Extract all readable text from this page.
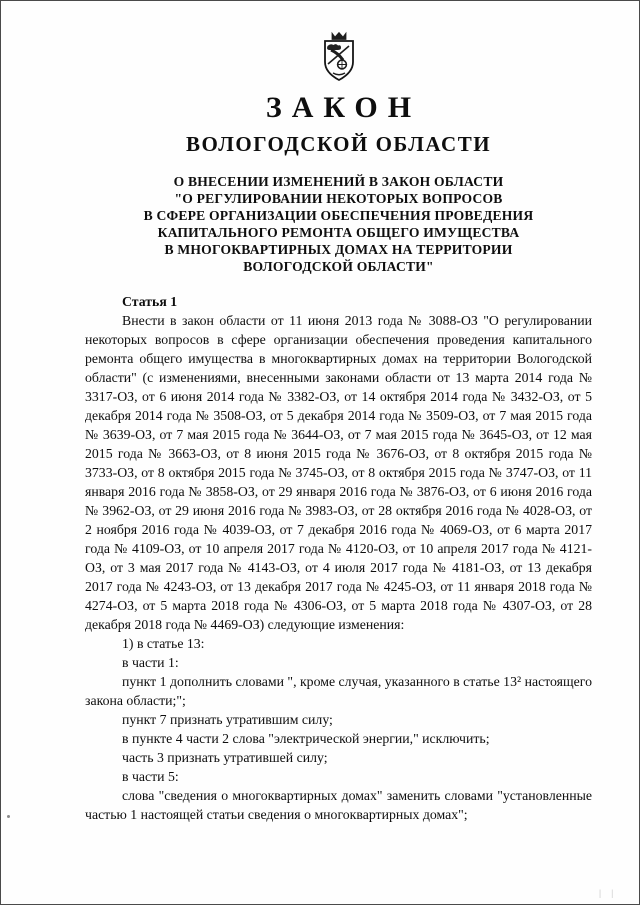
ЗАКОН
ВОЛОГОДСКОЙ ОБЛАСТИ
О ВНЕСЕНИИ ИЗМЕНЕНИЙ В ЗАКОН ОБЛАСТИ
"О РЕГУЛИРОВАНИИ НЕКОТОРЫХ ВОПРОСОВ
В СФЕРЕ ОРГАНИЗАЦИИ ОБЕСПЕЧЕНИЯ ПРОВЕДЕНИЯ
КАПИТАЛЬНОГО РЕМОНТА ОБЩЕГО ИМУЩЕСТВА
В МНОГОКВАРТИРНЫХ ДОМАХ НА ТЕРРИТОРИИ
ВОЛОГОДСКОЙ ОБЛАСТИ"

Статья 1

Внести в закон области от 11 июня 2013 года № 3088-ОЗ "О регулировании некоторых вопросов в сфере организации обеспечения проведения капитального ремонта общего имущества в многоквартирных домах на территории Вологодской области" (с изменениями, внесенными законами области от 13 марта 2014 года № 3317-ОЗ, от 6 июня 2014 года № 3382-ОЗ, от 14 октября 2014 года № 3432-ОЗ, от 5 декабря 2014 года № 3508-ОЗ, от 5 декабря 2014 года № 3509-ОЗ, от 7 мая 2015 года № 3639-ОЗ, от 7 мая 2015 года № 3644-ОЗ, от 7 мая 2015 года № 3645-ОЗ, от 12 мая 2015 года № 3663-ОЗ, от 8 июня 2015 года № 3676-ОЗ, от 8 октября 2015 года № 3733-ОЗ, от 8 октября 2015 года № 3745-ОЗ, от 8 октября 2015 года № 3747-ОЗ, от 11 января 2016 года № 3858-ОЗ, от 29 января 2016 года № 3876-ОЗ, от 6 июня 2016 года № 3962-ОЗ, от 29 июня 2016 года № 3983-ОЗ, от 28 октября 2016 года № 4028-ОЗ, от 2 ноября 2016 года № 4039-ОЗ, от 7 декабря 2016 года № 4069-ОЗ, от 6 марта 2017 года № 4109-ОЗ, от 10 апреля 2017 года № 4120-ОЗ, от 10 апреля 2017 года № 4121-ОЗ, от 3 мая 2017 года № 4143-ОЗ, от 4 июля 2017 года № 4181-ОЗ, от 13 декабря 2017 года № 4243-ОЗ, от 13 декабря 2017 года № 4245-ОЗ, от 11 января 2018 года № 4274-ОЗ, от 5 марта 2018 года № 4306-ОЗ, от 5 марта 2018 года № 4307-ОЗ, от 28 декабря 2018 года № 4469-ОЗ) следующие изменения:

1) в статье 13:

в части 1:

пункт 1 дополнить словами ", кроме случая, указанного в статье 13² настоящего закона области;";

пункт 7 признать утратившим силу;

в пункте 4 части 2 слова "электрической энергии," исключить;

часть 3 признать утратившей силу;

в части 5:

слова "сведения о многоквартирных домах" заменить словами "установленные частью 1 настоящей статьи сведения о многоквартирных домах";

| |
